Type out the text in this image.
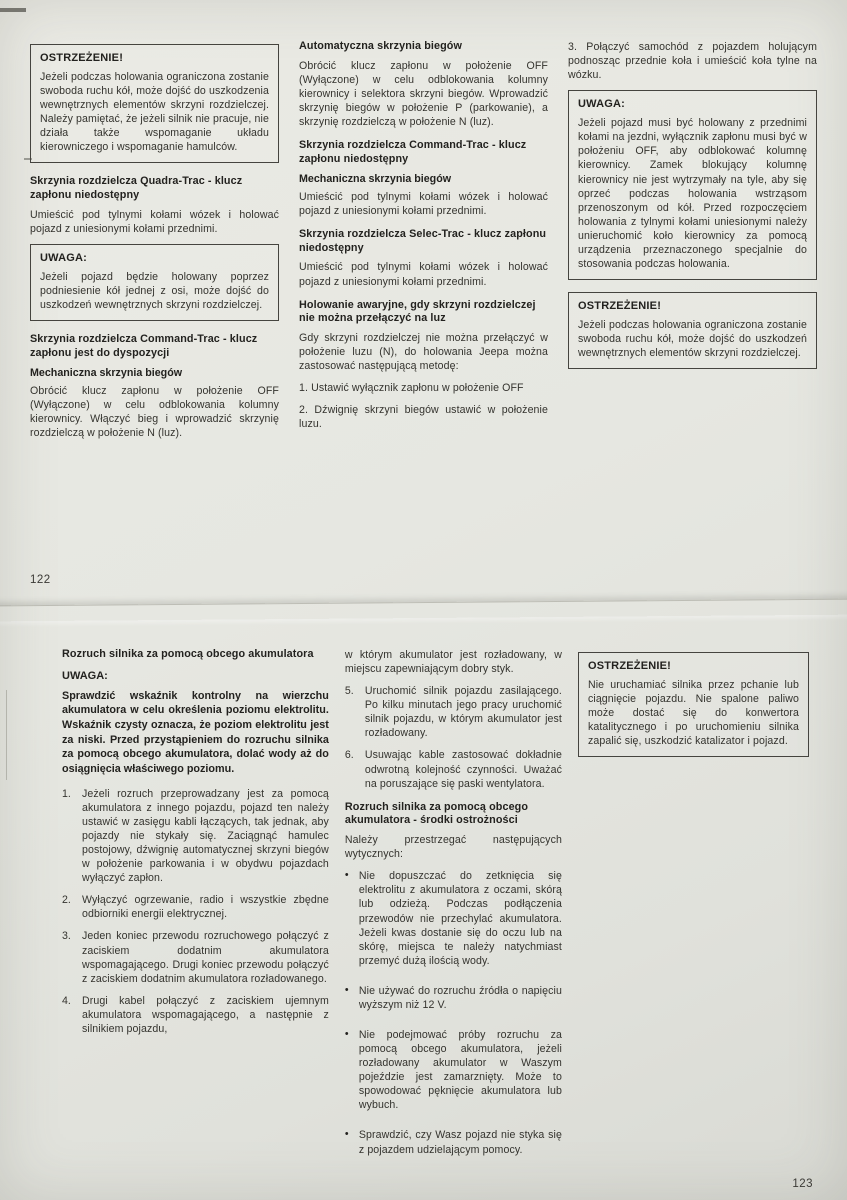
OSTRZEŻENIE!

Jeżeli podczas holowania ograniczona zostanie swoboda ruchu kół, może dojść do uszkodzenia wewnętrznych elementów skrzyni rozdzielczej. Należy pamiętać, że jeżeli silnik nie pracuje, nie działa także wspomaganie układu kierowniczego i wspomaganie hamulców.

Skrzynia rozdzielcza Quadra-Trac - klucz zapłonu niedostępny

Umieścić pod tylnymi kołami wózek i holować pojazd z uniesionymi kołami przednimi.

UWAGA:

Jeżeli pojazd będzie holowany poprzez podniesienie kół jednej z osi, może dojść do uszkodzeń wewnętrznych skrzyni rozdzielczej.

Skrzynia rozdzielcza Command-Trac - klucz zapłonu jest do dyspozycji
Mechaniczna skrzynia biegów

Obrócić klucz zapłonu w położenie OFF (Wyłączone) w celu odblokowania kolumny kierownicy. Włączyć bieg i wprowadzić skrzynię rozdzielczą w położenie N (luz).

Automatyczna skrzynia biegów

Obrócić klucz zapłonu w położenie OFF (Wyłączone) w celu odblokowania kolumny kierownicy i selektora skrzyni biegów. Wprowadzić skrzynię biegów w położenie P (parkowanie), a skrzynię rozdzielczą w położenie N (luz).

Skrzynia rozdzielcza Command-Trac - klucz zapłonu niedostępny
Mechaniczna skrzynia biegów

Umieścić pod tylnymi kołami wózek i holować pojazd z uniesionymi kołami przednimi.

Skrzynia rozdzielcza Selec-Trac - klucz zapłonu niedostępny

Umieścić pod tylnymi kołami wózek i holować pojazd z uniesionymi kołami przednimi.

Holowanie awaryjne, gdy skrzyni rozdzielczej nie można przełączyć na luz

Gdy skrzyni rozdzielczej nie można przełączyć w położenie luzu (N), do holowania Jeepa można zastosować następującą metodę:

1. Ustawić wyłącznik zapłonu w położenie OFF

2. Dźwignię skrzyni biegów ustawić w położenie luzu.

3. Połączyć samochód z pojazdem holującym podnosząc przednie koła i umieścić koła tylne na wózku.

UWAGA:

Jeżeli pojazd musi być holowany z przednimi kołami na jezdni, wyłącznik zapłonu musi być w położeniu OFF, aby odblokować kolumnę kierownicy. Zamek blokujący kolumnę kierownicy nie jest wytrzymały na tyle, aby się oprzeć podczas holowania wstrząsom przenoszonym od kół. Przed rozpoczęciem holowania z tylnymi kołami uniesionymi należy unieruchomić koło kierownicy za pomocą urządzenia przeznaczonego specjalnie do stosowania podczas holowania.

OSTRZEŻENIE!

Jeżeli podczas holowania ograniczona zostanie swoboda ruchu kół, może dojść do uszkodzeń wewnętrznych elementów skrzyni rozdzielczej.

122
Rozruch silnika za pomocą obcego akumulatora
UWAGA:

Sprawdzić wskaźnik kontrolny na wierzchu akumulatora w celu określenia poziomu elektrolitu. Wskaźnik czysty oznacza, że poziom elektrolitu jest za niski. Przed przystąpieniem do rozruchu silnika za pomocą obcego akumulatora, dolać wody aż do osiągnięcia właściwego poziomu.

1.	Jeżeli rozruch przeprowadzany jest za pomocą akumulatora z innego pojazdu, pojazd ten należy ustawić w zasięgu kabli łączących, tak jednak, aby pojazdy nie stykały się. Zaciągnąć hamulec postojowy, dźwignię automatycznej skrzyni biegów w położenie parkowania i w obydwu pojazdach wyłączyć zapłon.

2.	Wyłączyć ogrzewanie, radio i wszystkie zbędne odbiorniki energii elektrycznej.

3.	Jeden koniec przewodu rozruchowego połączyć z zaciskiem dodatnim akumulatora wspomagającego. Drugi koniec przewodu połączyć z zaciskiem dodatnim akumulatora rozładowanego.

4.	Drugi kabel połączyć z zaciskiem ujemnym akumulatora wspomagającego, a następnie z silnikiem pojazdu,

w którym akumulator jest rozładowany, w miejscu zapewniającym dobry styk.

5.	Uruchomić silnik pojazdu zasilającego. Po kilku minutach jego pracy uruchomić silnik pojazdu, w którym akumulator jest rozładowany.

6.	Usuwając kable zastosować dokładnie odwrotną kolejność czynności. Uważać na poruszające się paski wentylatora.

Rozruch silnika za pomocą obcego akumulatora - środki ostrożności

Należy przestrzegać następujących wytycznych:

• Nie dopuszczać do zetknięcia się elektrolitu z akumulatora z oczami, skórą lub odzieżą. Podczas podłączenia przewodów nie przechylać akumulatora. Jeżeli kwas dostanie się do oczu lub na skórę, miejsca te należy natychmiast przemyć dużą ilością wody.

• Nie używać do rozruchu źródła o napięciu wyższym niż 12 V.

• Nie podejmować próby rozruchu za pomocą obcego akumulatora, jeżeli rozładowany akumulator w Waszym pojeździe jest zamarznięty. Może to spowodować pęknięcie akumulatora lub wybuch.

• Sprawdzić, czy Wasz pojazd nie styka się z pojazdem udzielającym pomocy.

OSTRZEŻENIE!

Nie uruchamiać silnika przez pchanie lub ciągnięcie pojazdu. Nie spalone paliwo może dostać się do konwertora katalitycznego i po uruchomieniu silnika zapalić się, uszkodzić katalizator i pojazd.

123
